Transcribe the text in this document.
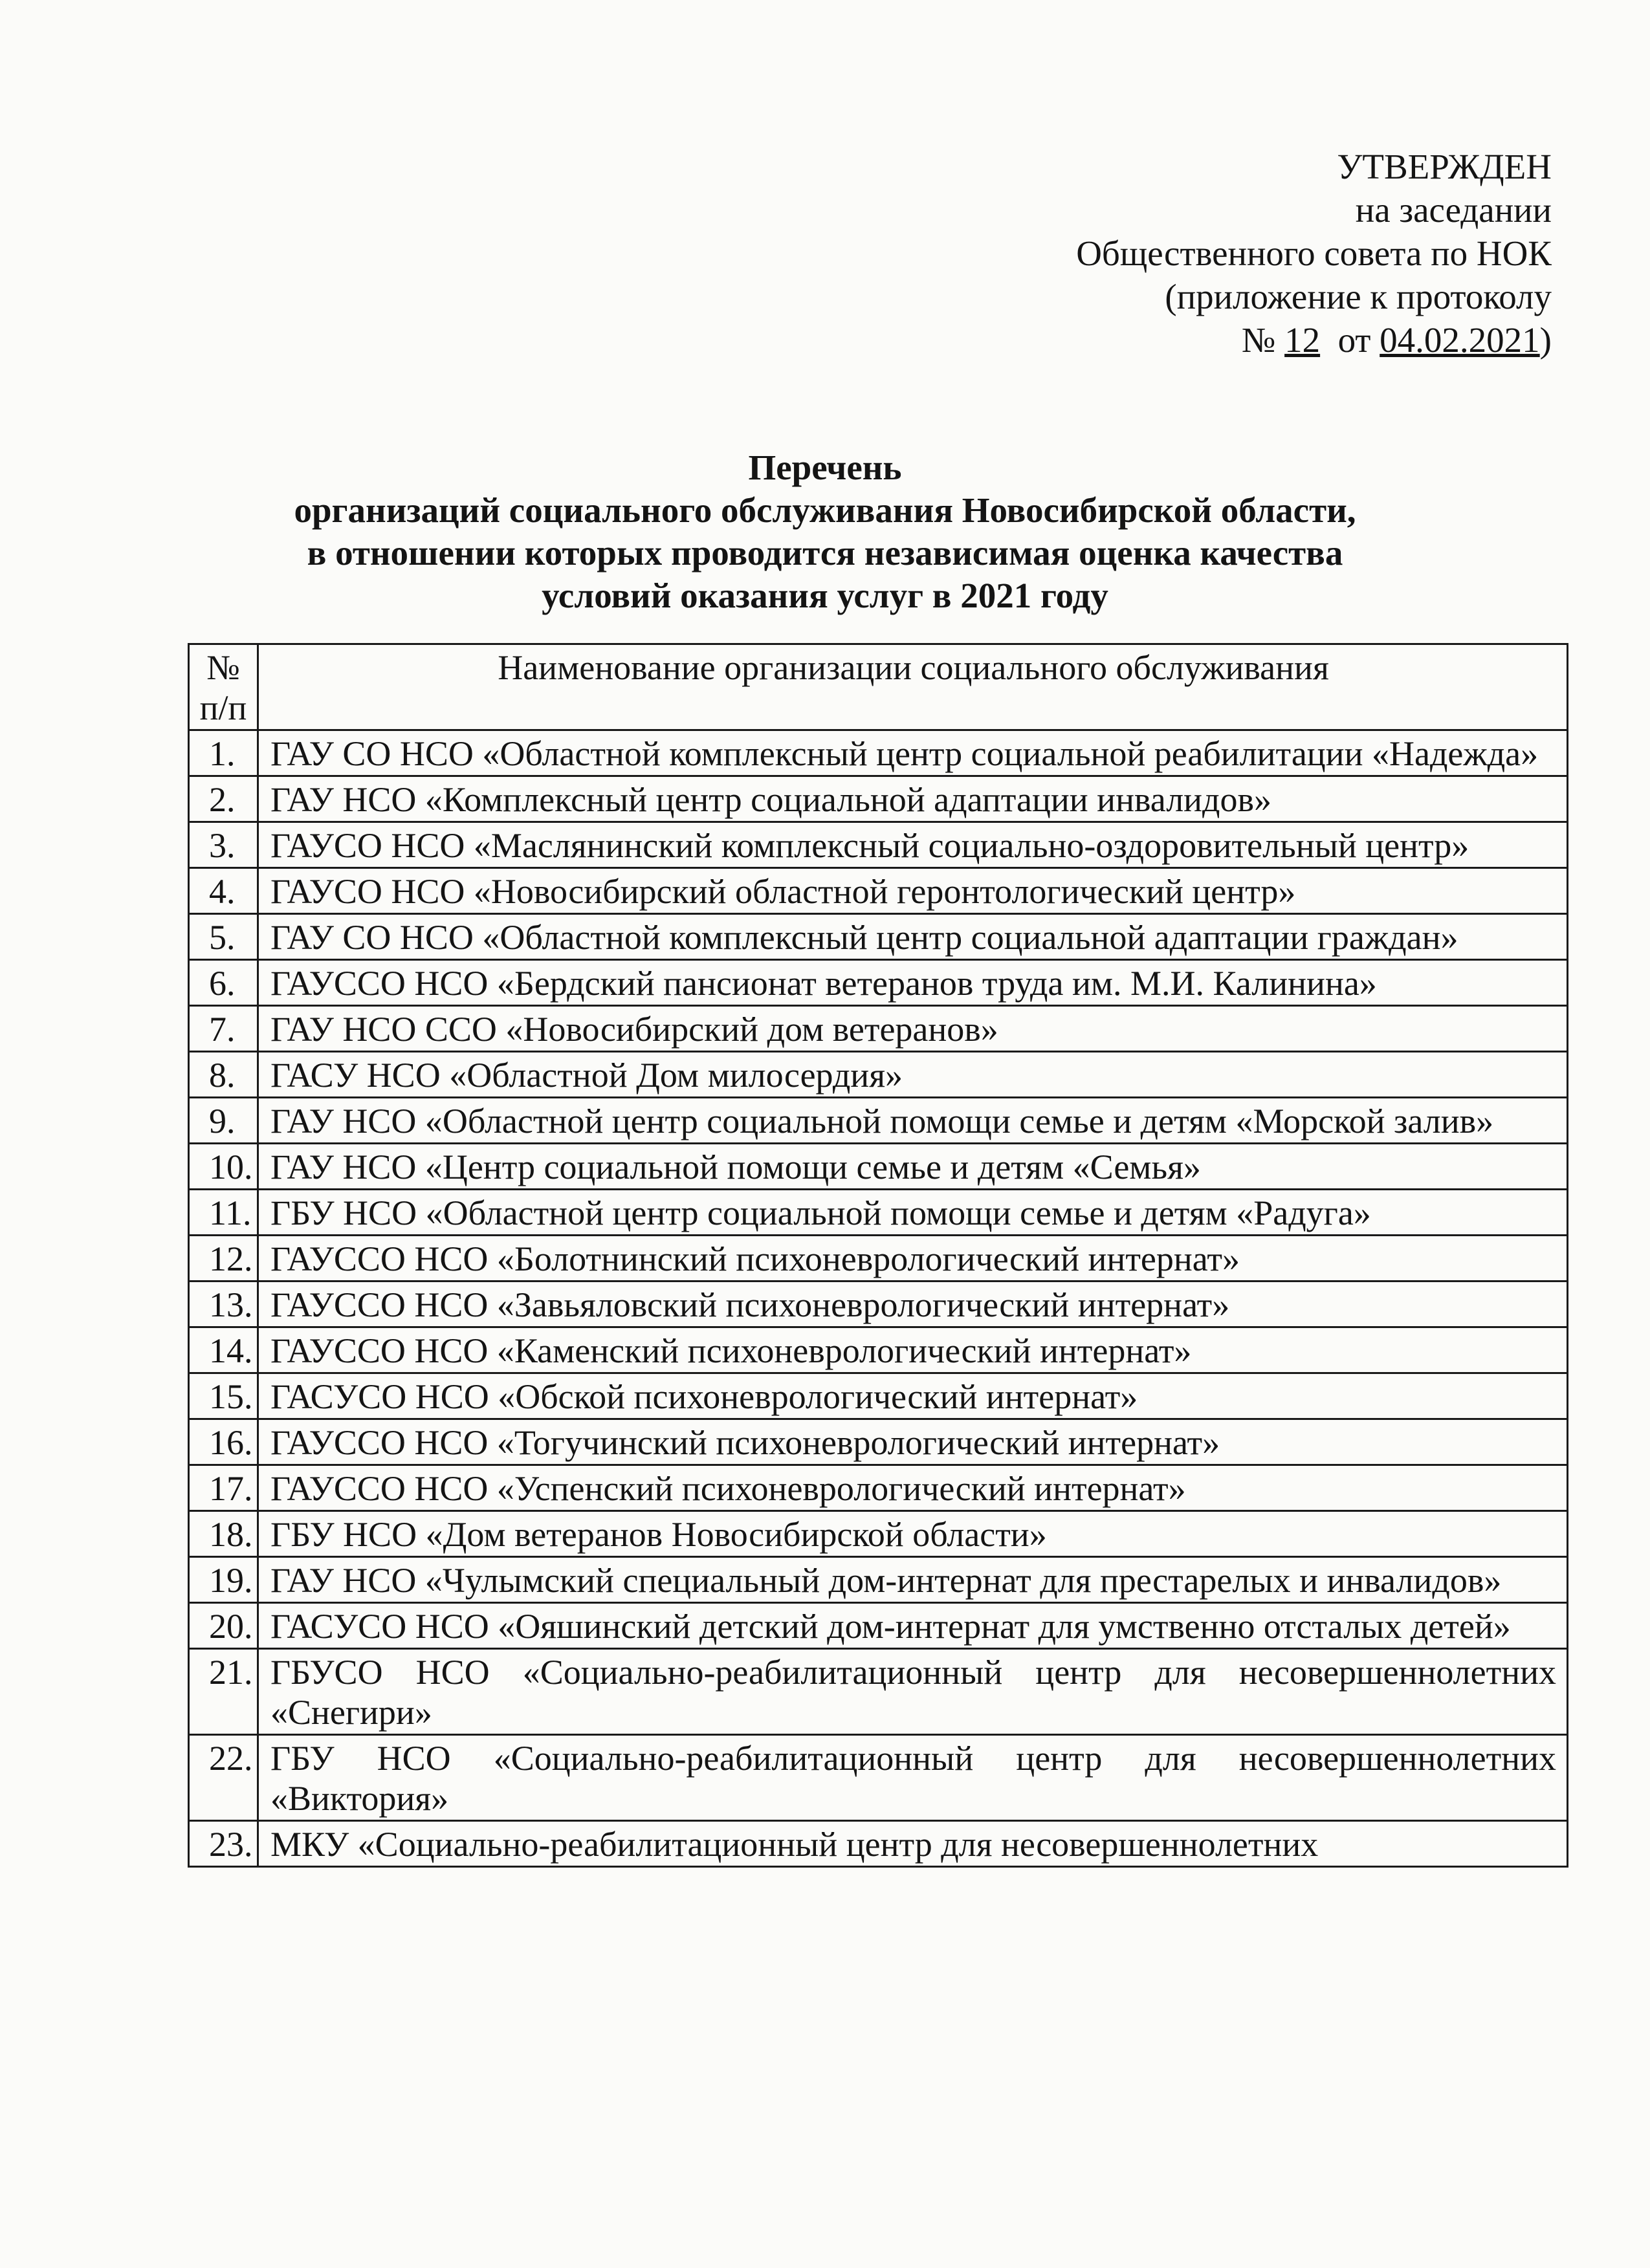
УТВЕРЖДЕН
на заседании
Общественного совета по НОК
(приложение к протоколу
№ 12 от 04.02.2021)
Перечень
организаций социального обслуживания Новосибирской области,
в отношении которых проводится независимая оценка качества
условий оказания услуг в 2021 году
№ п/п	Наименование организации социального обслуживания
1.	ГАУ СО НСО «Областной комплексный центр социальной реабилитации «Надежда»
2.	ГАУ НСО «Комплексный центр социальной адаптации инвалидов»
3.	ГАУСО НСО «Маслянинский комплексный социально-оздоровительный центр»
4.	ГАУСО НСО «Новосибирский областной геронтологический центр»
5.	ГАУ СО НСО «Областной комплексный центр социальной адаптации граждан»
6.	ГАУССО НСО «Бердский пансионат ветеранов труда им. М.И. Калинина»
7.	ГАУ НСО ССО «Новосибирский дом ветеранов»
8.	ГАСУ НСО «Областной Дом милосердия»
9.	ГАУ НСО «Областной центр социальной помощи семье и детям «Морской залив»
10.	ГАУ НСО «Центр социальной помощи семье и детям «Семья»
11.	ГБУ НСО «Областной центр социальной помощи семье и детям «Радуга»
12.	ГАУССО НСО «Болотнинский психоневрологический интернат»
13.	ГАУССО НСО «Завьяловский психоневрологический интернат»
14.	ГАУССО НСО «Каменский психоневрологический интернат»
15.	ГАСУСО НСО «Обской психоневрологический интернат»
16.	ГАУССО НСО «Тогучинский психоневрологический интернат»
17.	ГАУССО НСО «Успенский психоневрологический интернат»
18.	ГБУ НСО «Дом ветеранов Новосибирской области»
19.	ГАУ НСО «Чулымский специальный дом-интернат для престарелых и инвалидов»
20.	ГАСУСО НСО «Ояшинский детский дом-интернат для умственно отсталых детей»
21.	ГБУСО НСО «Социально-реабилитационный центр для несовершеннолетних «Снегири»
22.	ГБУ НСО «Социально-реабилитационный центр для несовершеннолетних «Виктория»
23.	МКУ «Социально-реабилитационный центр для несовершеннолетних
